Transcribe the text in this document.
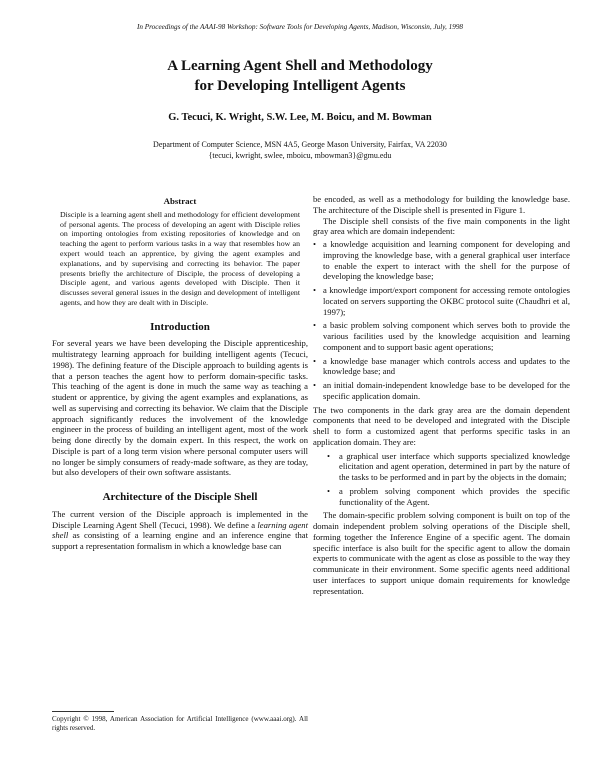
In Proceedings of the AAAI-98 Workshop: Software Tools for Developing Agents, Madison, Wisconsin, July, 1998
A Learning Agent Shell and Methodology
for Developing Intelligent Agents
G. Tecuci, K. Wright, S.W. Lee, M. Boicu, and M. Bowman
Department of Computer Science, MSN 4A5, George Mason University, Fairfax, VA 22030
{tecuci, kwright, swlee, mboicu, mbowman3}@gmu.edu
Abstract

Disciple is a learning agent shell and methodology for efficient development of personal agents. The process of developing an agent with Disciple relies on importing ontologies from existing repositories of knowledge and on teaching the agent to perform various tasks in a way that resembles how an expert would teach an apprentice, by giving the agent examples and explanations, and by supervising and correcting its behavior. The paper presents briefly the architecture of Disciple, the process of developing a Disciple agent, and various agents developed with Disciple. Then it discusses several general issues in the design and development of intelligent agents, and how they are dealt with in Disciple.

Introduction

For several years we have been developing the Disciple apprenticeship, multistrategy learning approach for building intelligent agents (Tecuci, 1998). The defining feature of the Disciple approach to building agents is that a person teaches the agent how to perform domain-specific tasks. This teaching of the agent is done in much the same way as teaching a student or apprentice, by giving the agent examples and explanations, as well as supervising and correcting its behavior. We claim that the Disciple approach significantly reduces the involvement of the knowledge engineer in the process of building an intelligent agent, most of the work being done directly by the domain expert. In this respect, the work on Disciple is part of a long term vision where personal computer users will no longer be simply consumers of ready-made software, as they are today, but also developers of their own software assistants.

Architecture of the Disciple Shell

The current version of the Disciple approach is implemented in the Disciple Learning Agent Shell (Tecuci, 1998). We define a learning agent shell as consisting of a learning engine and an inference engine that support a representation formalism in which a knowledge base can

Copyright © 1998, American Association for Artificial Intelligence (www.aaai.org). All rights reserved.

be encoded, as well as a methodology for building the knowledge base. The architecture of the Disciple shell is presented in Figure 1.

The Disciple shell consists of the five main components in the light gray area which are domain independent:

• a knowledge acquisition and learning component for developing and improving the knowledge base, with a general graphical user interface to enable the expert to interact with the shell for the purpose of developing the knowledge base;
• a knowledge import/export component for accessing remote ontologies located on servers supporting the OKBC protocol suite (Chaudhri et al, 1997);
• a basic problem solving component which serves both to provide the various facilities used by the knowledge acquisition and learning component and to support basic agent operations;
• a knowledge base manager which controls access and updates to the knowledge base; and
• an initial domain-independent knowledge base to be developed for the specific application domain.

The two components in the dark gray area are the domain dependent components that need to be developed and integrated with the Disciple shell to form a customized agent that performs specific tasks in an application domain. They are:

• a graphical user interface which supports specialized knowledge elicitation and agent operation, determined in part by the nature of the tasks to be performed and in part by the objects in the domain;
• a problem solving component which provides the specific functionality of the Agent.

The domain-specific problem solving component is built on top of the domain independent problem solving operations of the Disciple shell, forming together the Inference Engine of a specific agent. The domain specific interface is also built for the specific agent to allow the domain experts to communicate with the agent as close as possible to the way they communicate in their environment. Some specific agents need additional user interfaces to support unique domain requirements for knowledge representation.
